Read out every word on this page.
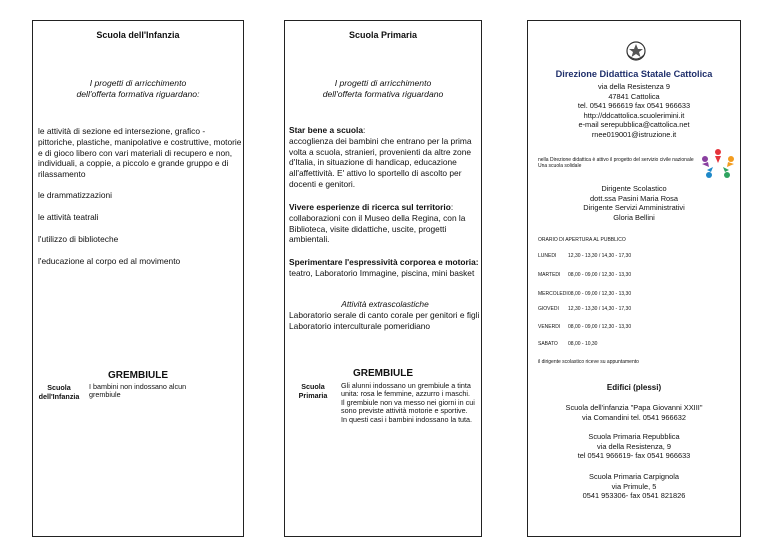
Scuola dell'Infanzia
I progetti di arricchimento
dell'offerta formativa riguardano:
le attività di sezione ed intersezione, grafico - pittoriche, plastiche, manipolative e costruttive, motorie e di gioco libero con vari materiali di recupero e non, individuali, a coppie, a piccolo e grande gruppo e di rilassamento
le drammatizzazioni
le attività teatrali
l'utilizzo di biblioteche
l'educazione al corpo ed al movimento
GREMBIULE
Scuola
dell'Infanzia
I bambini non indossano alcun grembiule
Scuola Primaria
I progetti di arricchimento
dell'offerta formativa riguardano
Star bene a scuola:
accoglienza dei bambini che entrano per la prima volta a scuola, stranieri, provenienti da altre zone d'Italia, in situazione di handicap, educazione all'affettività. E' attivo lo sportello di ascolto per docenti e genitori.
Vivere esperienze di ricerca sul territorio:
collaborazioni con il Museo della Regina, con la Biblioteca, visite didattiche, uscite, progetti ambientali.
Sperimentare l'espressività corporea e motoria:
teatro, Laboratorio Immagine, piscina, mini basket
Attività extrascolastiche
Laboratorio serale di canto corale per genitori e figli
Laboratorio interculturale pomeridiano
GREMBIULE
Scuola
Primaria
Gli alunni indossano un grembiule a tinta unita: rosa le femmine, azzurro i maschi.
Il grembiule non va messo nei giorni in cui sono previste attività motorie e sportive.
In questi casi i bambini indossano la tuta.
Direzione Didattica Statale Cattolica
via della Resistenza 9
47841 Cattolica
tel. 0541 966619 fax 0541 966633
http://ddcattolica.scuolerimini.it
e-mail serepubblica@cattolica.net
rnee019001@istruzione.it
nella Direzione didattica è attivo il progetto del servizio civile nazionale
Una scuola solidale
Dirigente Scolastico
dott.ssa Pasini Maria Rosa
Dirigente Servizi Amministrativi
Gloria Bellini
ORARIO DI APERTURA AL PUBBLICO
LUNEDI 12,30 - 13,30 / 14,30 - 17,30
MARTEDI 08,00 - 09,00 / 12,30 - 13,30
MERCOLEDI08,00 - 09,00 / 12,30 - 13,30
GIOVEDI 12,30 - 13,30 / 14,30 - 17,30
VENERDI 08,00 - 09,00 / 12,30 - 13,30
SABATO 08,00 - 10,30
il dirigente scolastico riceve su appuntamento
Edifici (plessi)
Scuola dell'infanzia "Papa Giovanni XXIII"
via Comandini tel. 0541 966632
Scuola Primaria Repubblica
via della Resistenza, 9
tel 0541 966619- fax 0541 966633
Scuola Primaria Carpignola
via Primule, 5
0541 953306- fax 0541 821826
